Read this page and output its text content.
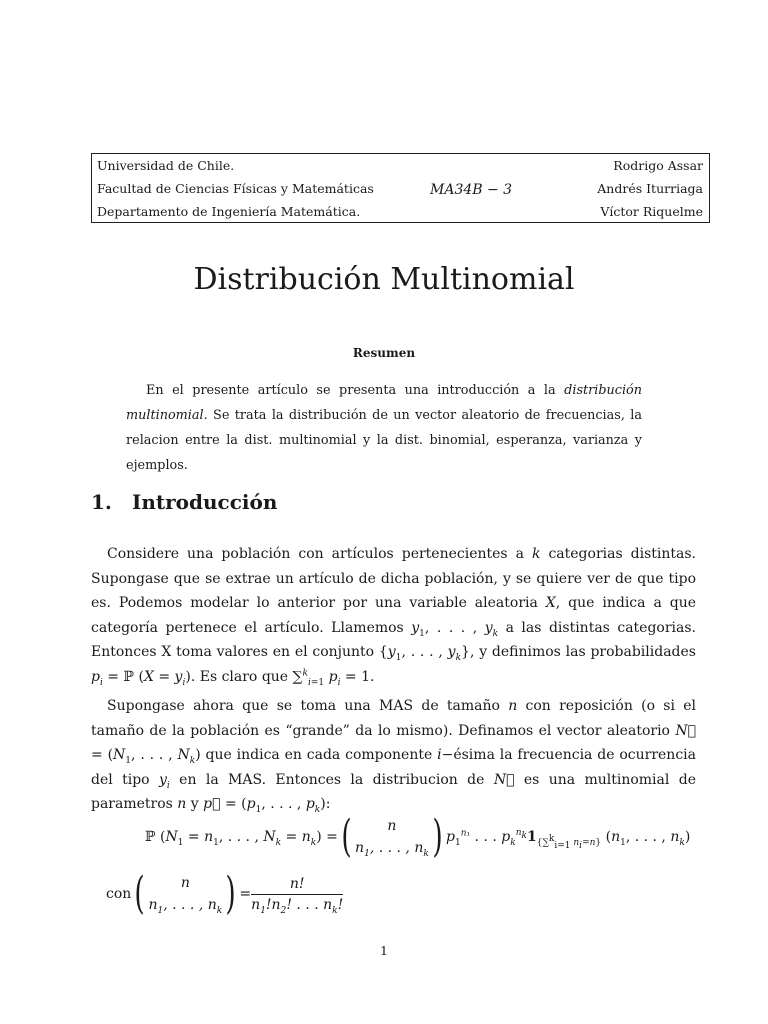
Universidad de Chile.
Facultad de Ciencias Físicas y Matemáticas
Departamento de Ingeniería Matemática.
MA34B − 3
Rodrigo Assar
Andrés Iturriaga
Víctor Riquelme
Distribución Multinomial
Resumen
En el presente artículo se presenta una introducción a la distribución multinomial. Se trata la distribución de un vector aleatorio de frecuencias, la relacion entre la dist. multinomial y la dist. binomial, esperanza, varianza y ejemplos.
1. Introducción
Considere una población con artículos pertenecientes a k categorias distintas. Supongase que se extrae un artículo de dicha población, y se quiere ver de que tipo es. Podemos modelar lo anterior por una variable aleatoria X, que indica a que categoría pertenece el artículo. Llamemos $y_1$, . . . , $y_k$ a las distintas categorias. Entonces X toma valores en el conjunto {$y_1$, . . . , $y_k$}, y definimos las probabilidades $p_i$ = ℙ $(X = y_i)$. Es claro que ∑$^k_{i=1}$ $p_i = 1$.
Supongase ahora que se toma una MAS de tamaño n con reposición (o si el tamaño de la población es “grande” da lo mismo). Definamos el vector aleatorio N⃗ = ($N_1$, . . . , $N_k$) que indica en cada componente i−ésima la frecuencia de ocurrencia del tipo $y_i$ en la MAS. Entonces la distribucion de N⃗ es una multinomial de parametros n y p⃗ = ($p_1$, . . . , $p_k$):
ℙ ($N_1 = n_1$, . . . , $N_k = n_k$) =(	n
$n_1$, . . . , $n_k$ ) $p_1^{n_1}$ . . . $p_k^{n_k}1_{\{\sum^k_{i=1} n_i=n\}}$ ($n_1$, . . . , $n_k$)
con(	n
$n_1$, . . . , $n_k$ )= $\frac{n!}{n_1!n_2! . . . n_k!}$
1
